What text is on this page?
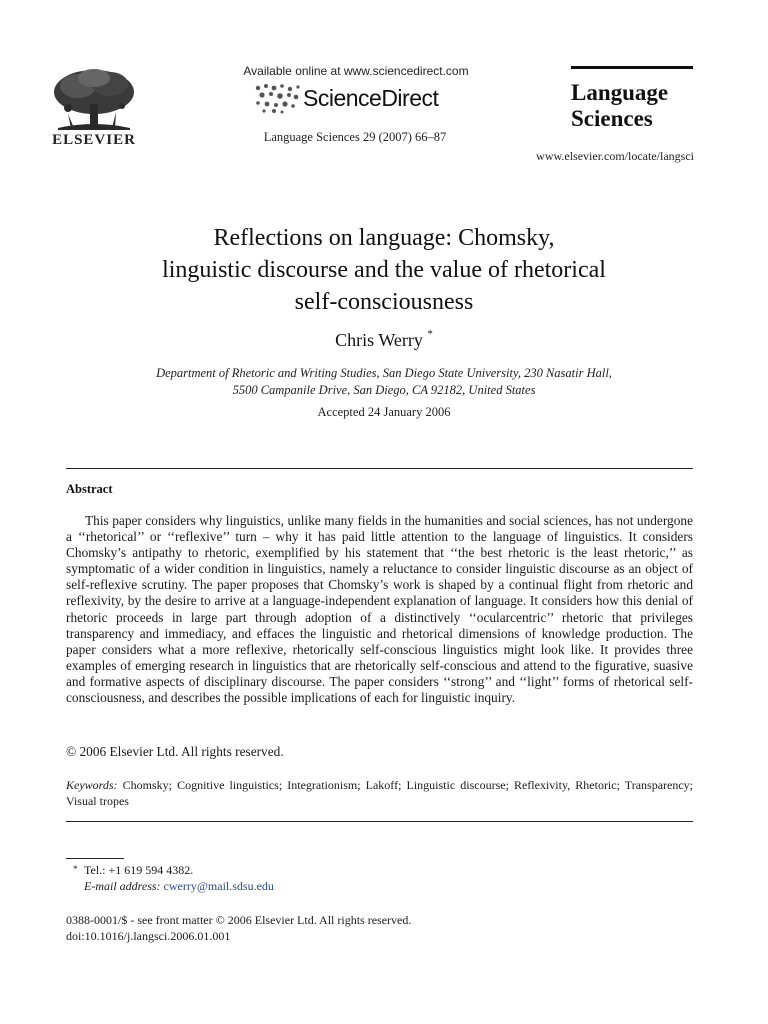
ELSEVIER
Available online at www.sciencedirect.com
ScienceDirect
Language Sciences 29 (2007) 66–87
Language
Sciences
www.elsevier.com/locate/langsci
Reflections on language: Chomsky,
linguistic discourse and the value of rhetorical
self-consciousness
Chris Werry *
Department of Rhetoric and Writing Studies, San Diego State University, 230 Nasatir Hall,
5500 Campanile Drive, San Diego, CA 92182, United States
Accepted 24 January 2006
Abstract
This paper considers why linguistics, unlike many fields in the humanities and social sciences, has not undergone a ‘‘rhetorical’’ or ‘‘reflexive’’ turn – why it has paid little attention to the language of linguistics. It considers Chomsky’s antipathy to rhetoric, exemplified by his statement that ‘‘the best rhetoric is the least rhetoric,’’ as symptomatic of a wider condition in linguistics, namely a reluctance to consider linguistic discourse as an object of self-reflexive scrutiny. The paper proposes that Chomsky’s work is shaped by a continual flight from rhetoric and reflexivity, by the desire to arrive at a language-independent explanation of language. It considers how this denial of rhetoric proceeds in large part through adoption of a distinctively ‘‘ocularcentric’’ rhetoric that privileges transparency and immediacy, and effaces the linguistic and rhetorical dimensions of knowledge production. The paper considers what a more reflexive, rhetorically self-conscious linguistics might look like. It provides three examples of emerging research in linguistics that are rhetorically self-conscious and attend to the figurative, suasive and formative aspects of disciplinary discourse. The paper considers ‘‘strong’’ and ‘‘light’’ forms of rhetorical self-consciousness, and describes the possible implications of each for linguistic inquiry.
© 2006 Elsevier Ltd. All rights reserved.
Keywords: Chomsky; Cognitive linguistics; Integrationism; Lakoff; Linguistic discourse; Reflexivity, Rhetoric; Transparency; Visual tropes
* Tel.: +1 619 594 4382.
E-mail address: cwerry@mail.sdsu.edu
0388-0001/$ - see front matter © 2006 Elsevier Ltd. All rights reserved.
doi:10.1016/j.langsci.2006.01.001
